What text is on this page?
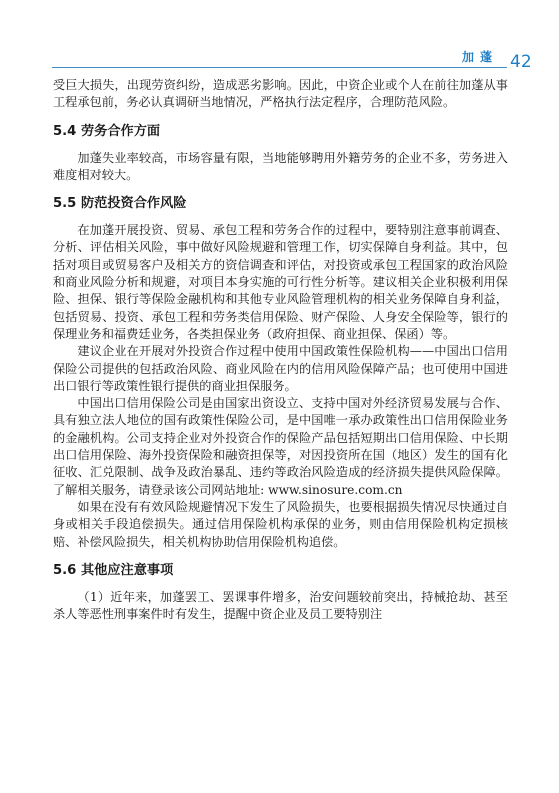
加蓬 42

受巨大损失，出现劳资纠纷，造成恶劣影响。因此，中资企业或个人在前往加蓬从事工程承包前，务必认真调研当地情况，严格执行法定程序，合理防范风险。

5.4 劳务合作方面

加蓬失业率较高，市场容量有限，当地能够聘用外籍劳务的企业不多，劳务进入难度相对较大。

5.5 防范投资合作风险

在加蓬开展投资、贸易、承包工程和劳务合作的过程中，要特别注意事前调查、分析、评估相关风险，事中做好风险规避和管理工作，切实保障自身利益。其中，包括对项目或贸易客户及相关方的资信调查和评估，对投资或承包工程国家的政治风险和商业风险分析和规避，对项目本身实施的可行性分析等。建议相关企业积极利用保险、担保、银行等保险金融机构和其他专业风险管理机构的相关业务保障自身利益，包括贸易、投资、承包工程和劳务类信用保险、财产保险、人身安全保险等，银行的保理业务和福费廷业务，各类担保业务（政府担保、商业担保、保函）等。

建议企业在开展对外投资合作过程中使用中国政策性保险机构——中国出口信用保险公司提供的包括政治风险、商业风险在内的信用风险保障产品；也可使用中国进出口银行等政策性银行提供的商业担保服务。

中国出口信用保险公司是由国家出资设立、支持中国对外经济贸易发展与合作、具有独立法人地位的国有政策性保险公司，是中国唯一承办政策性出口信用保险业务的金融机构。公司支持企业对外投资合作的保险产品包括短期出口信用保险、中长期出口信用保险、海外投资保险和融资担保等，对因投资所在国（地区）发生的国有化征收、汇兑限制、战争及政治暴乱、违约等政治风险造成的经济损失提供风险保障。了解相关服务，请登录该公司网站地址: www.sinosure.com.cn

如果在没有有效风险规避情况下发生了风险损失，也要根据损失情况尽快通过自身或相关手段追偿损失。通过信用保险机构承保的业务，则由信用保险机构定损核赔、补偿风险损失，相关机构协助信用保险机构追偿。

5.6 其他应注意事项

（1）近年来，加蓬罢工、罢课事件增多，治安问题较前突出，持械抢劫、甚至杀人等恶性刑事案件时有发生，提醒中资企业及员工要特别注
